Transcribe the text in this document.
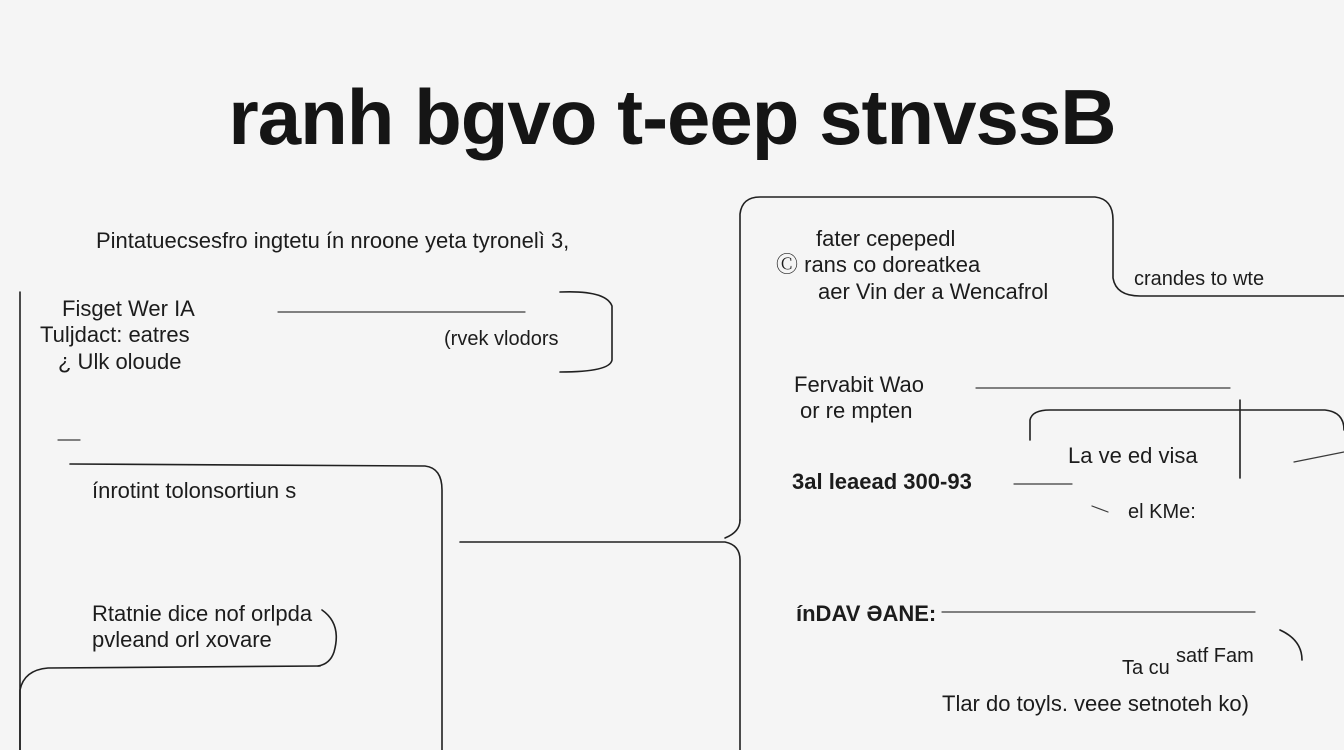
ranh bgvo t-eep stnvssB
Pintatuecsesfro ingtetu ín nroone yeta tyronelì 3,
Fisget Wer IA
Tuljdact: eatres
¿ Ulk oloude
(rvek vlodors
ínrotint tolonsortiun s
Rtatnie dice nof orlpda
pvleand orl xovare
fater cepepedl
Ⓒ rans co doreatkea
aer Vin der a Wencafrol	crandes to wte
Fervabit Wao
or re mpten
La ve ed visa
3al leaead 300-93
el KMe:
ínDAV ƏANE:
Ta cu
satf Fam
Tlar do toyls. veee setnoteh ko)
